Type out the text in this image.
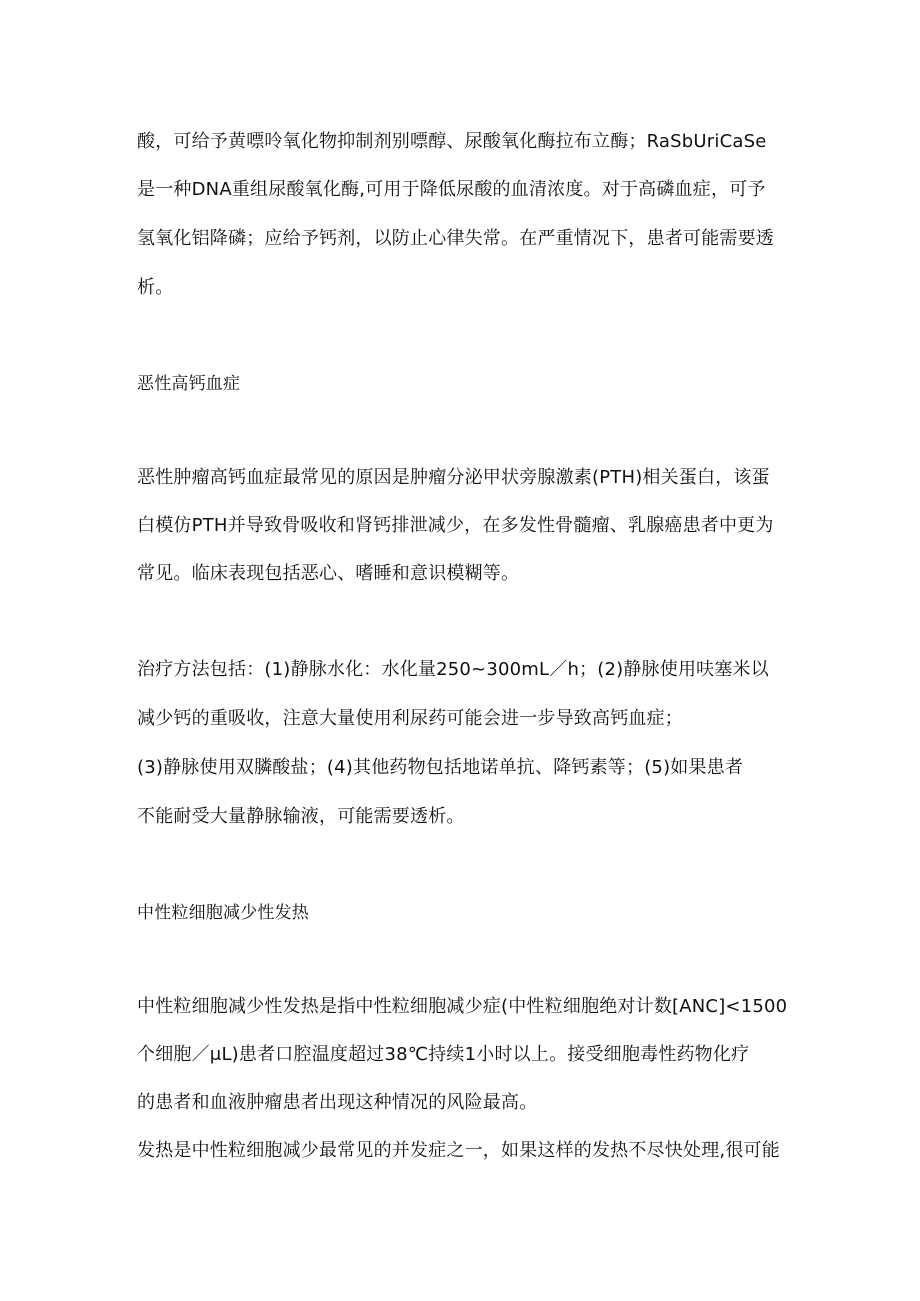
酸，可给予黄嘌呤氧化物抑制剂别嘌醇、尿酸氧化酶拉布立酶；RaSbUriCaSe

是一种DNA重组尿酸氧化酶,可用于降低尿酸的血清浓度。对于高磷血症，可予

氢氧化铝降磷；应给予钙剂，以防止心律失常。在严重情况下，患者可能需要透

析。

恶性高钙血症

恶性肿瘤高钙血症最常见的原因是肿瘤分泌甲状旁腺激素(PTH)相关蛋白，该蛋

白模仿PTH并导致骨吸收和肾钙排泄减少，在多发性骨髓瘤、乳腺癌患者中更为

常见。临床表现包括恶心、嗜睡和意识模糊等。

治疗方法包括：(1)静脉水化：水化量250~300mL／h；(2)静脉使用呋塞米以

减少钙的重吸收，注意大量使用利尿药可能会进一步导致高钙血症；

(3)静脉使用双膦酸盐；(4)其他药物包括地诺单抗、降钙素等；(5)如果患者

不能耐受大量静脉输液，可能需要透析。

中性粒细胞减少性发热

中性粒细胞减少性发热是指中性粒细胞减少症(中性粒细胞绝对计数[ANC]<1500

个细胞／μL)患者口腔温度超过38℃持续1小时以上。接受细胞毒性药物化疗

的患者和血液肿瘤患者出现这种情况的风险最高。

发热是中性粒细胞减少最常见的并发症之一，如果这样的发热不尽快处理,很可能
